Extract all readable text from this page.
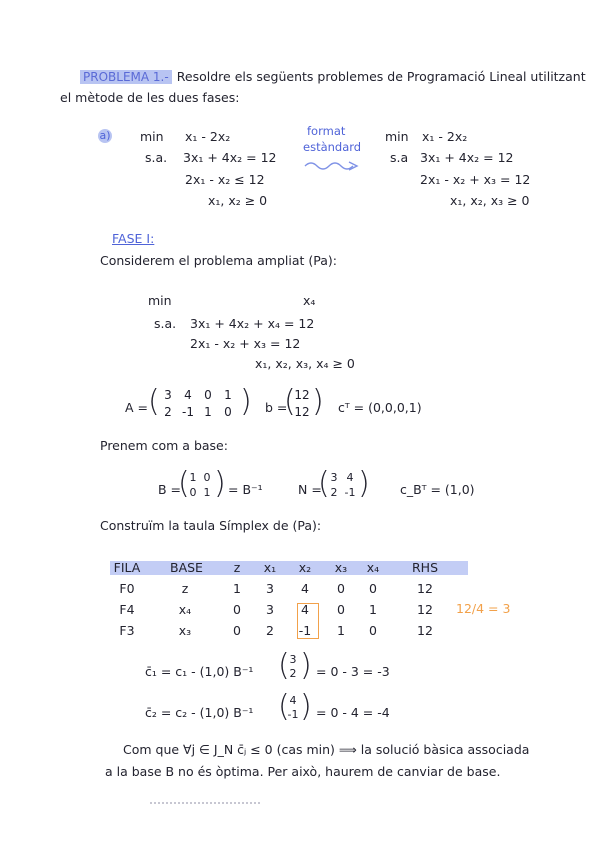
PROBLEMA 1.- Resoldre els següents problemes de Programació Lineal utilitzant
el mètode de les dues fases:
a) min x₁ - 2x₂
s.a. 3x₁ + 4x₂ = 12
2x₁ - x₂ ≤ 12
x₁, x₂ ≥ 0
format
estàndard
min x₁ - 2x₂
s.a 3x₁ + 4x₂ = 12
2x₁ - x₂ + x₃ = 12
x₁, x₂, x₃ ≥ 0
FASE I:
Considerem el problema ampliat (Pa):
min	x₄
s.a. 3x₁ + 4x₂ + x₄ = 12
2x₁ - x₂ + x₃ = 12
x₁, x₂, x₃, x₄ ≥ 0
A = ( 3	4	0	1
2 -1 1	0 ) b =
(
12
12 ) cᵀ = (0,0,0,1)
Prenem com a base:
B =
( 1 0
0 1 ) = B⁻¹	N =
( 3 4
2 -1 ) c_Bᵀ = (1,0)
Construïm la taula Símplex de (Pa):
FILA BASE	z	x₁	x₂	x₃	x₄	RHS
F0	z	1	3	4	0	0	12
F4	x₄	0	3	4	0	1	12
F3	x₃	0	2	-1	1	0	12
12/4 = 3
c̄₁ = c₁ - (1,0) B⁻¹ ( 3
2 ) = 0 - 3 = -3
c̄₂ = c₂ - (1,0) B⁻¹ ( 4
-1 ) = 0 - 4 = -4
Com que ∀j ∈ J_N c̄ⱼ ≤ 0 (cas min) ⟹ la solució bàsica associada
a la base B no és òptima. Per això, haurem de canviar de base.
